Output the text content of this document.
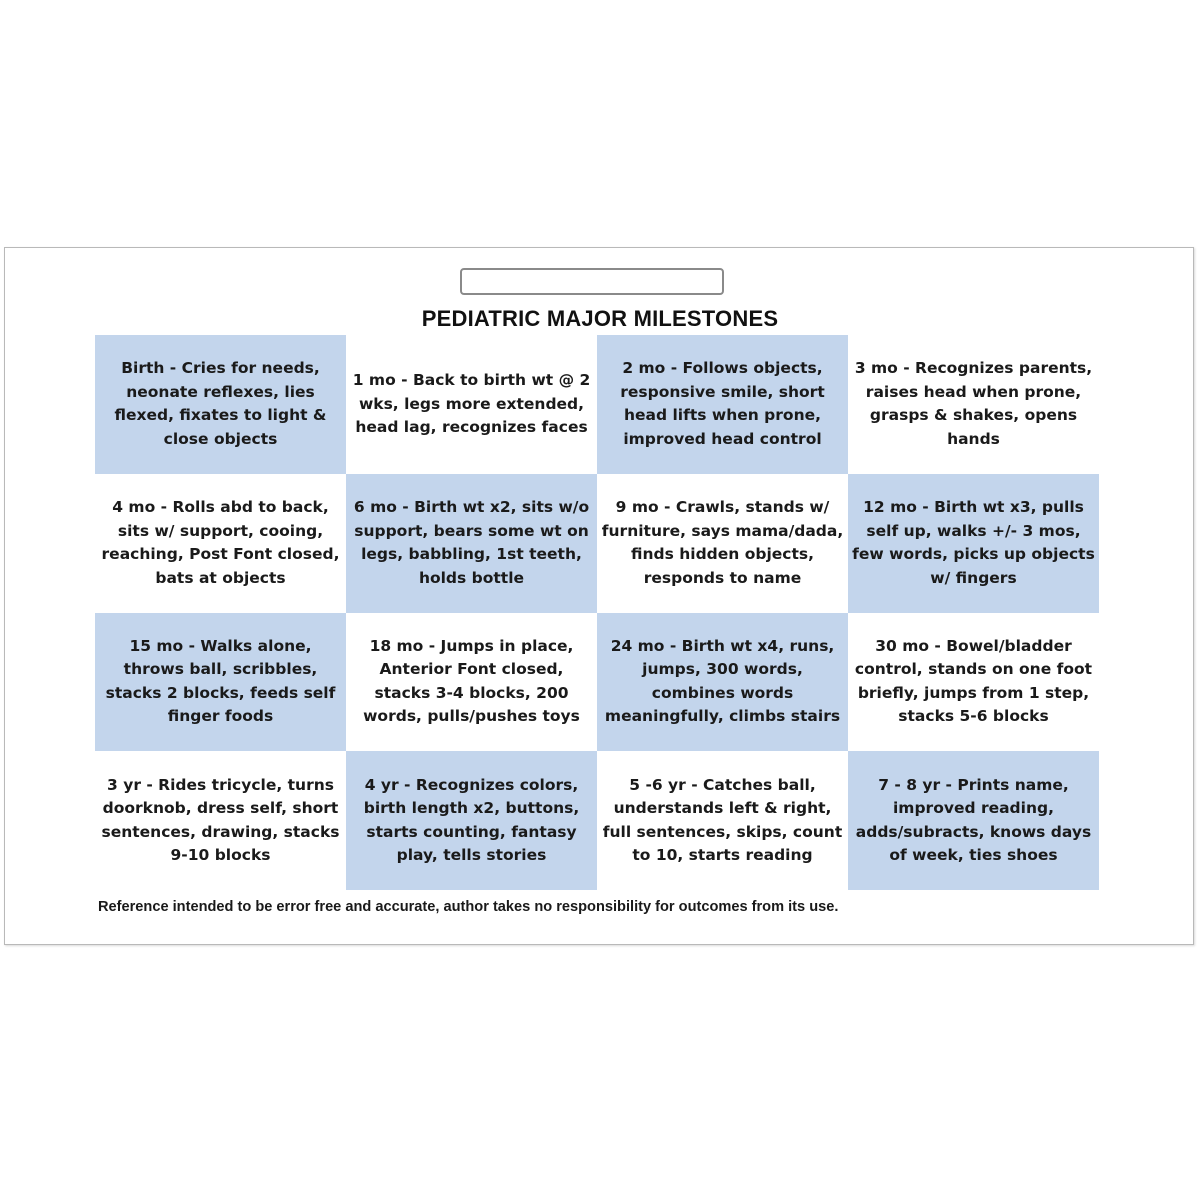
PEDIATRIC MAJOR MILESTONES
Birth - Cries for needs, neonate reflexes, lies flexed, fixates to light & close objects
1 mo - Back to birth wt @ 2 wks, legs more extended, head lag, recognizes faces
2 mo - Follows objects, responsive smile, short head lifts when prone, improved head control
3 mo - Recognizes parents, raises head when prone, grasps & shakes, opens hands
4 mo - Rolls abd to back, sits w/ support, cooing, reaching, Post Font closed, bats at objects
6 mo - Birth wt x2, sits w/o support, bears some wt on legs, babbling, 1st teeth, holds bottle
9 mo - Crawls, stands w/ furniture, says mama/dada, finds hidden objects, responds to name
12 mo - Birth wt x3, pulls self up, walks +/- 3 mos, few words, picks up objects w/ fingers
15 mo - Walks alone, throws ball, scribbles, stacks 2 blocks, feeds self finger foods
18 mo - Jumps in place, Anterior Font closed, stacks 3-4 blocks, 200 words, pulls/pushes toys
24 mo - Birth wt x4, runs, jumps, 300 words, combines words meaningfully, climbs stairs
30 mo - Bowel/bladder control, stands on one foot briefly, jumps from 1 step, stacks 5-6 blocks
3 yr - Rides tricycle, turns doorknob, dress self, short sentences, drawing, stacks 9-10 blocks
4 yr - Recognizes colors, birth length x2, buttons, starts counting, fantasy play, tells stories
5 -6 yr - Catches ball, understands left & right, full sentences, skips, count to 10, starts reading
7 - 8 yr - Prints name, improved reading, adds/subracts, knows days of week, ties shoes
Reference intended to be error free and accurate, author takes no responsibility for outcomes from its use.
